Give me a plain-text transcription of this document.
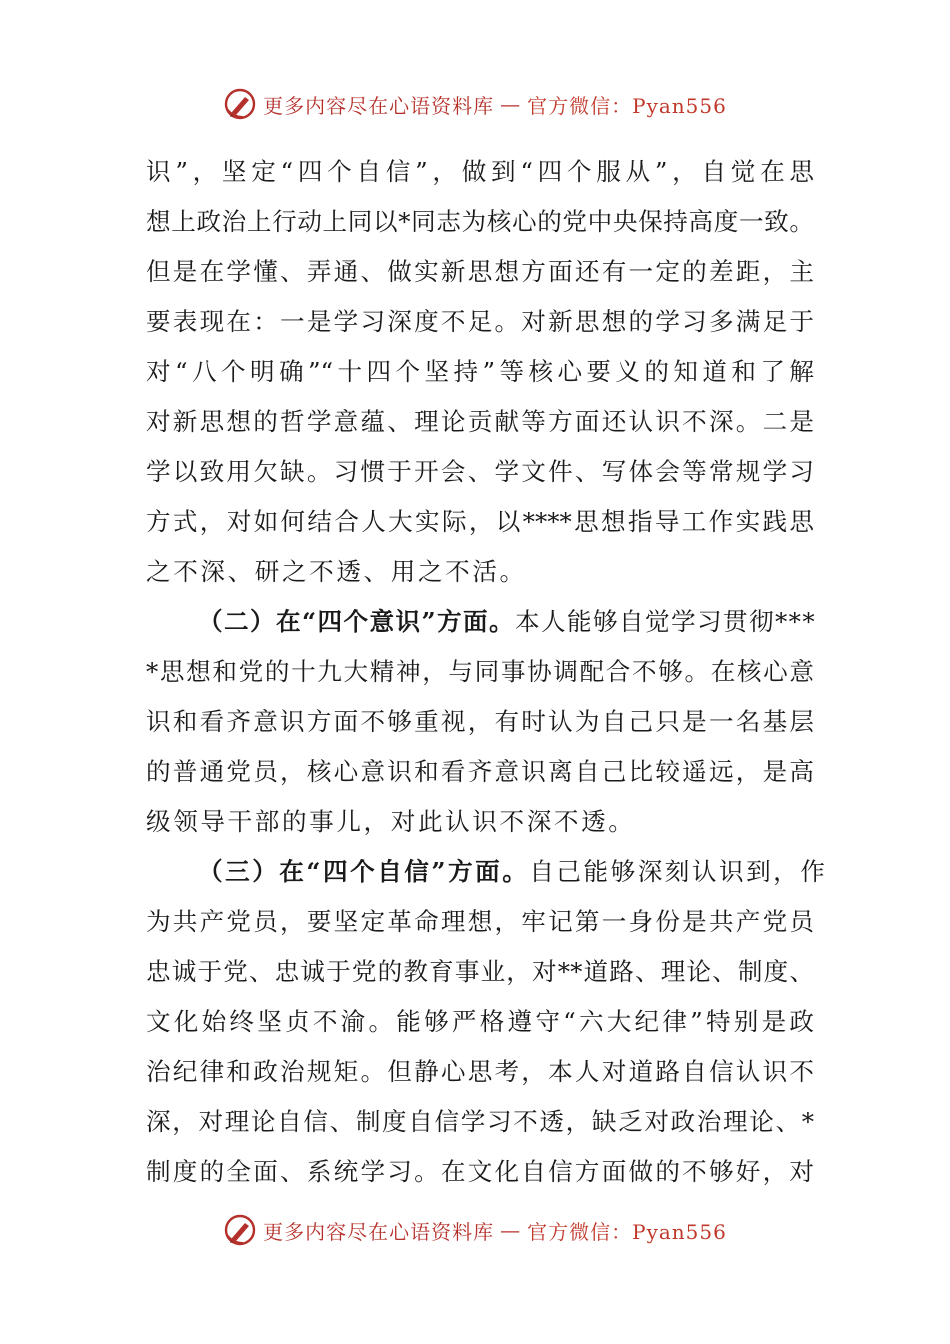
更多内容尽在心语资料库 — 官方微信：Pyan556
识”，坚定“四个自信”，做到“四个服从”，自觉在思
想上政治上行动上同以*同志为核心的党中央保持高度一致。
但是在学懂、弄通、做实新思想方面还有一定的差距，主
要表现在：一是学习深度不足。对新思想的学习多满足于
对“八个明确”“十四个坚持”等核心要义的知道和了解
对新思想的哲学意蕴、理论贡献等方面还认识不深。二是
学以致用欠缺。习惯于开会、学文件、写体会等常规学习
方式，对如何结合人大实际，以****思想指导工作实践思
之不深、研之不透、用之不活。
（二）在“四个意识”方面。本人能够自觉学习贯彻***
*思想和党的十九大精神，与同事协调配合不够。在核心意
识和看齐意识方面不够重视，有时认为自己只是一名基层
的普通党员，核心意识和看齐意识离自己比较遥远，是高
级领导干部的事儿，对此认识不深不透。
（三）在“四个自信”方面。自己能够深刻认识到，作
为共产党员，要坚定革命理想，牢记第一身份是共产党员
忠诚于党、忠诚于党的教育事业，对**道路、理论、制度、
文化始终坚贞不渝。能够严格遵守“六大纪律”特别是政
治纪律和政治规矩。但静心思考，本人对道路自信认识不
深，对理论自信、制度自信学习不透，缺乏对政治理论、*
制度的全面、系统学习。在文化自信方面做的不够好，对
更多内容尽在心语资料库 — 官方微信：Pyan556
